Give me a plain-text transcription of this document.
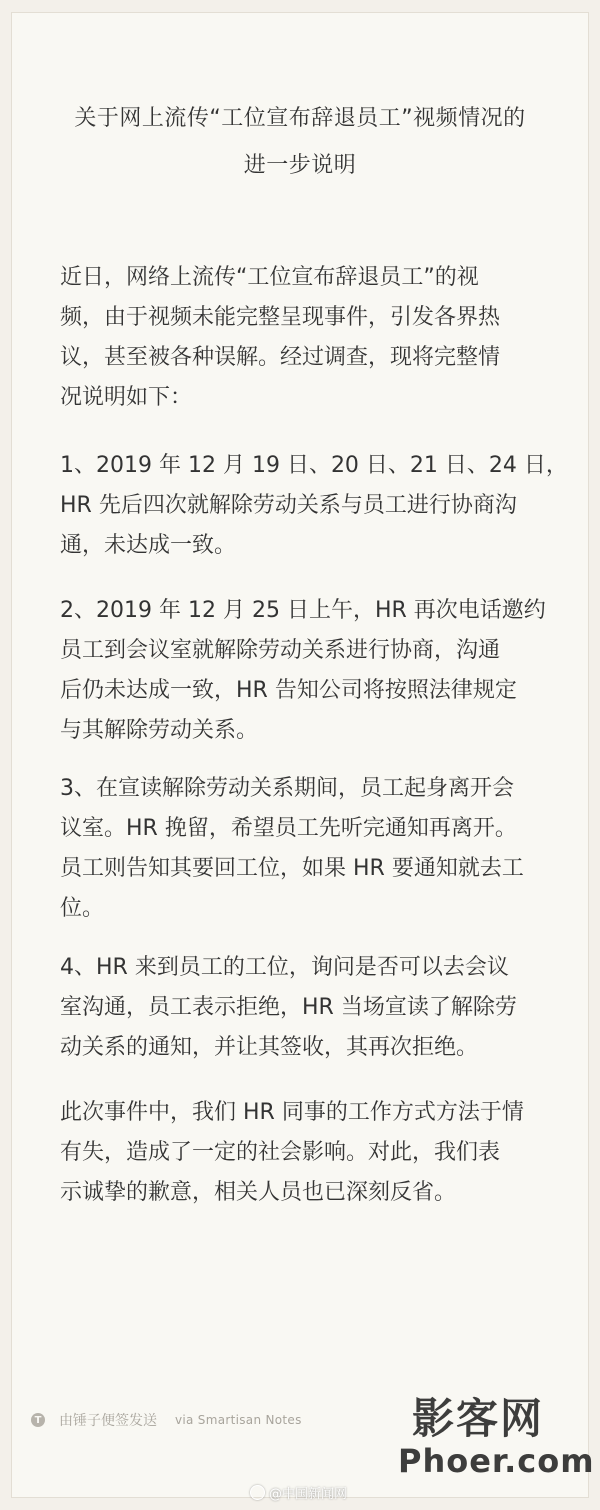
关于网上流传“工位宣布辞退员工”视频情况的
进一步说明
近日，网络上流传“工位宣布辞退员工”的视
频，由于视频未能完整呈现事件，引发各界热
议，甚至被各种误解。经过调查，现将完整情
况说明如下：
1、2019 年 12 月 19 日、20 日、21 日、24 日，
HR 先后四次就解除劳动关系与员工进行协商沟
通，未达成一致。
2、2019 年 12 月 25 日上午，HR 再次电话邀约
员工到会议室就解除劳动关系进行协商，沟通
后仍未达成一致，HR 告知公司将按照法律规定
与其解除劳动关系。
3、在宣读解除劳动关系期间，员工起身离开会
议室。HR 挽留，希望员工先听完通知再离开。
员工则告知其要回工位，如果 HR 要通知就去工
位。
4、HR 来到员工的工位，询问是否可以去会议
室沟通，员工表示拒绝，HR 当场宣读了解除劳
动关系的通知，并让其签收，其再次拒绝。
此次事件中，我们 HR 同事的工作方式方法于情
有失，造成了一定的社会影响。对此，我们表
示诚挚的歉意，相关人员也已深刻反省。
T 由锤子便签发送 via Smartisan Notes	影客网
Phoer.com
@中国新闻网
